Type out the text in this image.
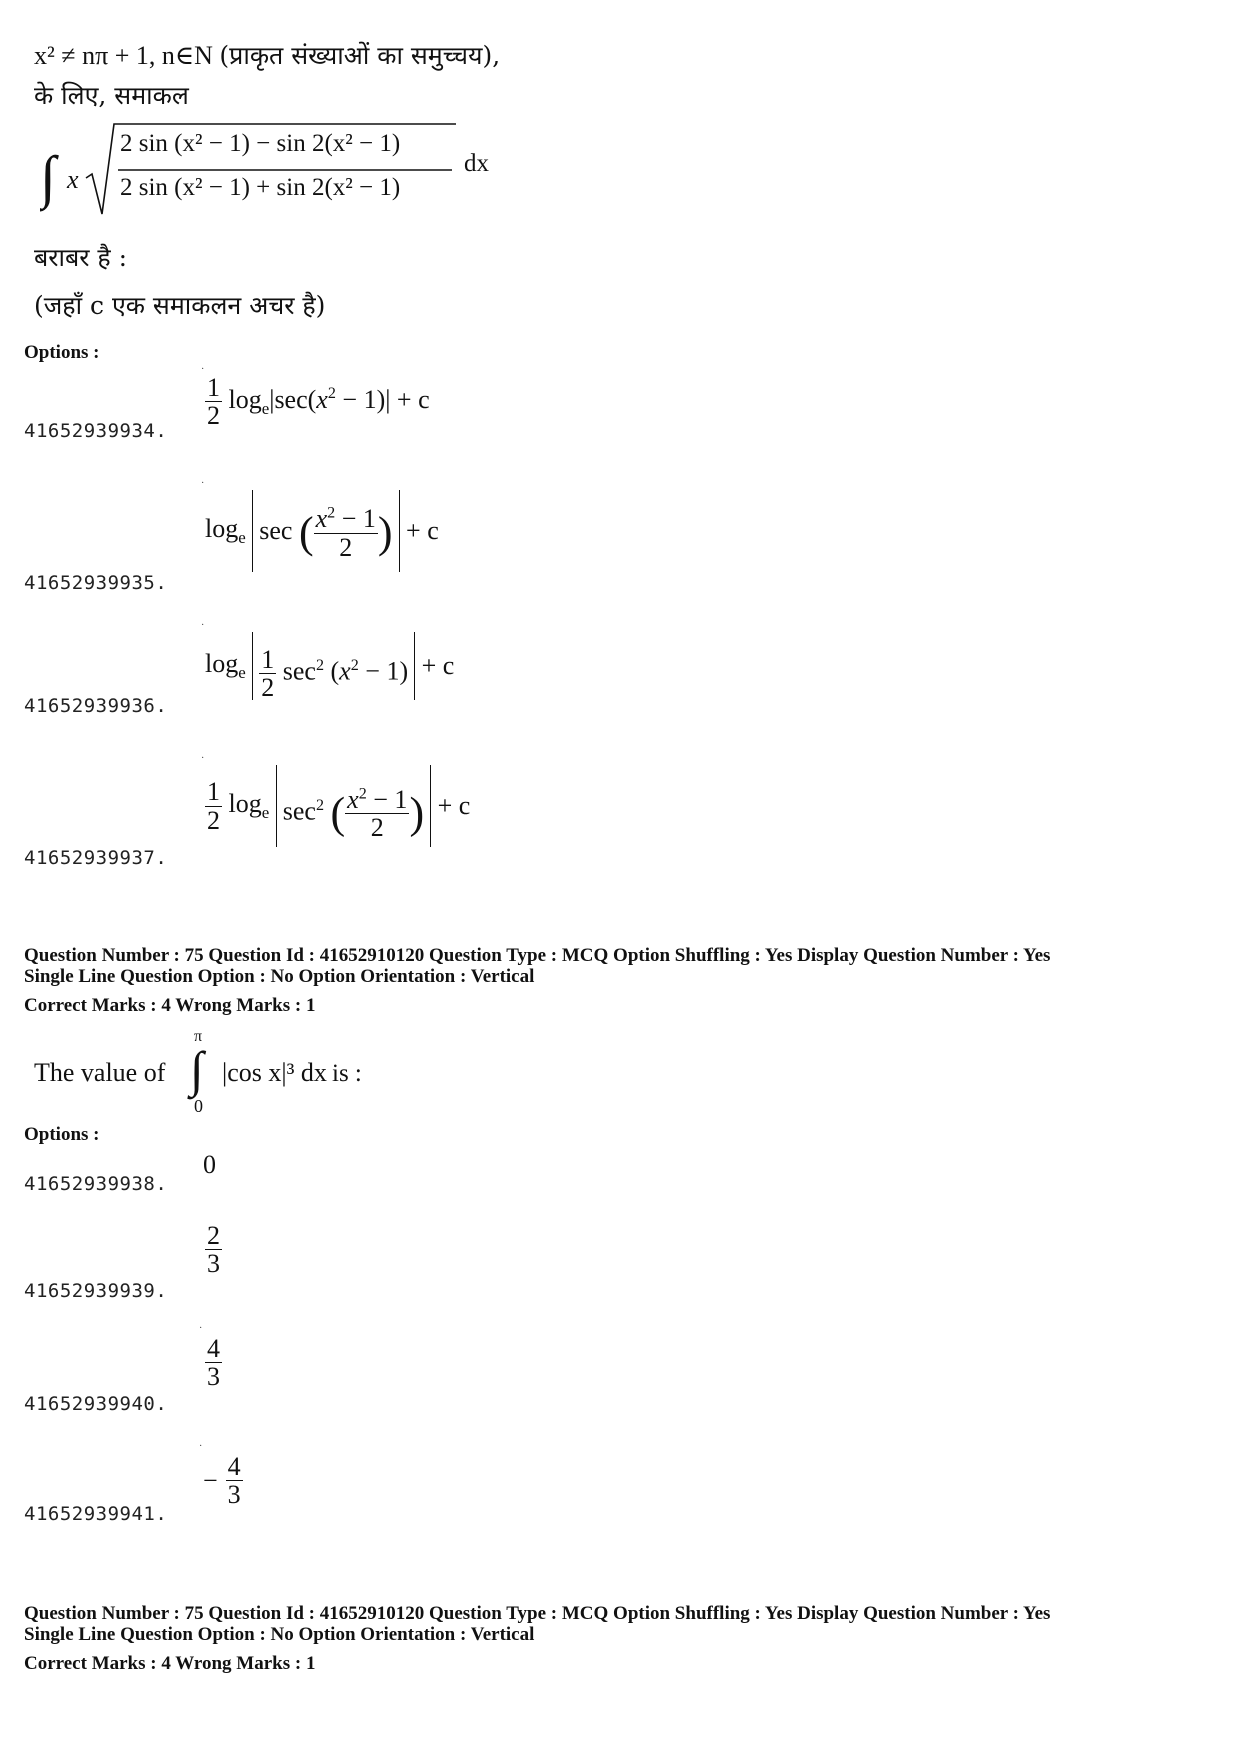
x² ≠ nπ + 1, n∈N (प्राकृत संख्याओं का समुच्चय),
के लिए, समाकल
∫ x
2 sin (x² − 1) − sin 2(x² − 1)
2 sin (x² − 1) + sin 2(x² − 1)
dx
बराबर है :
(जहाँ c एक समाकलन अचर है)
Options :
41652939934.
·
$\frac{1}{2} \log_e|\sec(x^2 - 1)| + c$
41652939935.
·
$\log_e \sec$ ( $\frac{x^2 - 1}{2}$ ) + c
41652939936.
·
$\log_e \frac{1}{2} \sec^2 (x^2 - 1) + c$
41652939937.
·
$\frac{1}{2} \log_e \sec^2$ ( $\frac{x^2 - 1}{2}$ ) + c
Question Number : 75 Question Id : 41652910120 Question Type : MCQ Option Shuffling : Yes Display Question Number : Yes
Single Line Question Option : No Option Orientation : Vertical
Correct Marks : 4 Wrong Marks : 1
The value of
π
∫
0
|cos x|³ dx is :
Options :
41652939938.
0
41652939939.
$\frac{2}{3}$
41652939940.
·
$\frac{4}{3}$
41652939941.
·
− $\frac{4}{3}$
Question Number : 75 Question Id : 41652910120 Question Type : MCQ Option Shuffling : Yes Display Question Number : Yes
Single Line Question Option : No Option Orientation : Vertical
Correct Marks : 4 Wrong Marks : 1
